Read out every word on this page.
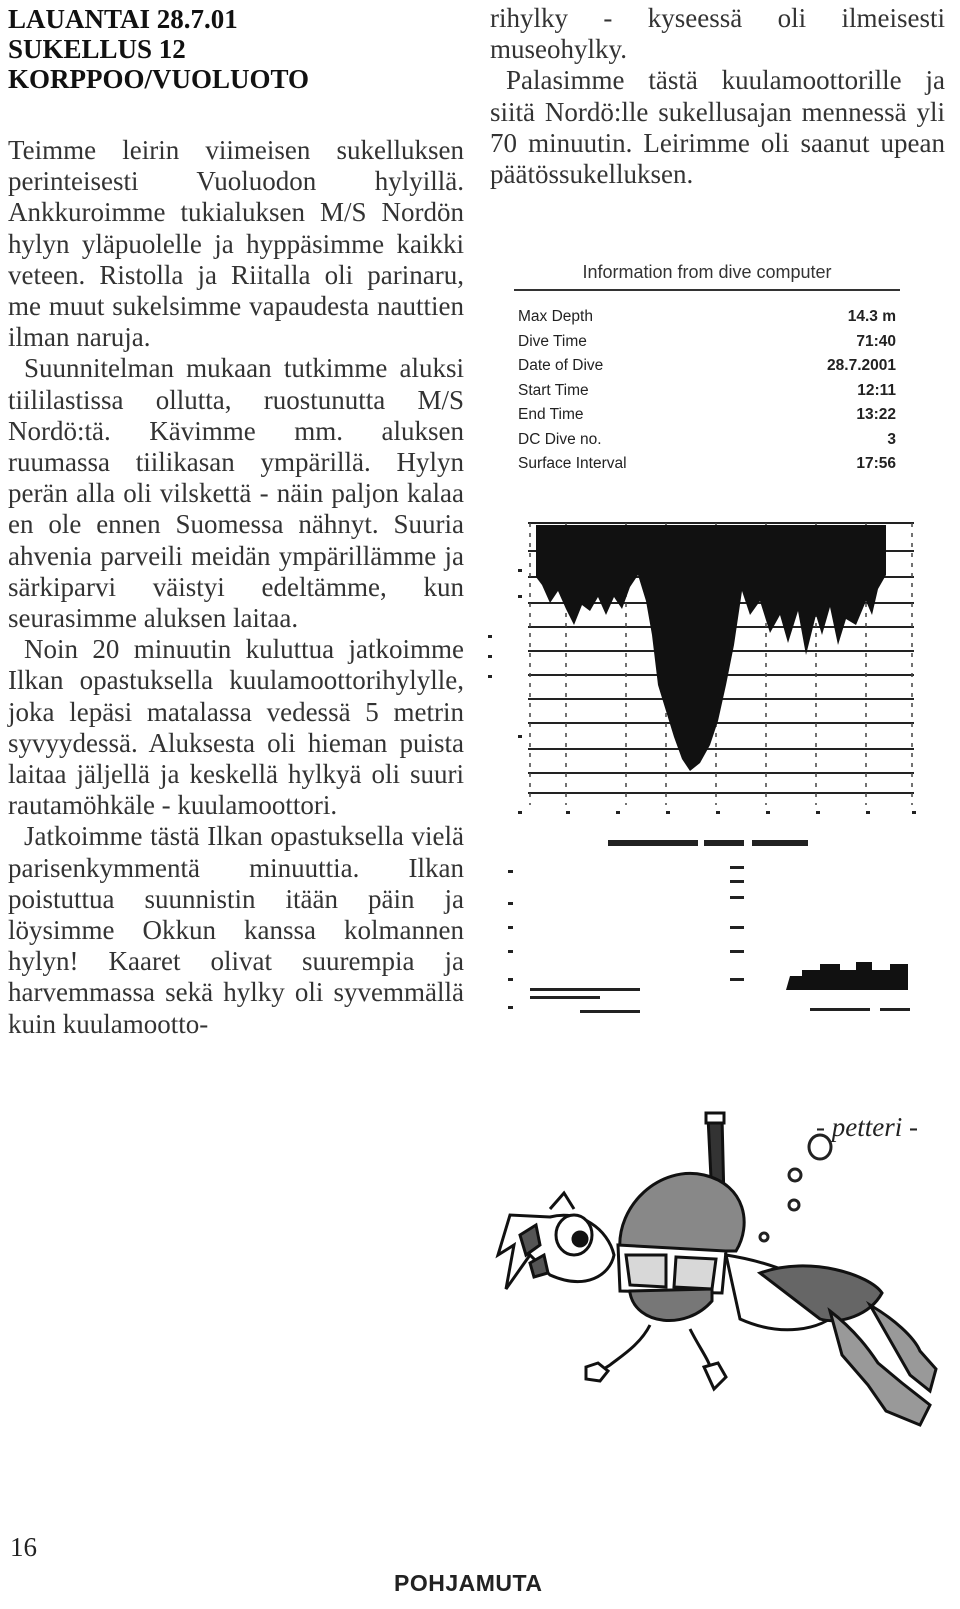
LAUANTAI 28.7.01
SUKELLUS 12
KORPPOO/VUOLUOTO

Teimme leirin viimeisen sukelluksen perinteisesti Vuoluodon hylyillä. Ankkuroimme tukialuksen M/S Nordön hylyn yläpuolelle ja hyppäsimme kaikki veteen. Ristolla ja Riitalla oli parinaru, me muut sukelsimme vapaudesta nauttien ilman naruja.

Suunnitelman mukaan tutkimme aluksi tiililastissa ollutta, ruostunutta M/S Nordö:tä. Kävimme mm. aluksen ruumassa tiilikasan ympärillä. Hylyn perän alla oli vilskettä - näin paljon kalaa en ole ennen Suomessa nähnyt. Suuria ahvenia parveili meidän ympärillämme ja särkiparvi väistyi edeltämme, kun seurasimme aluksen laitaa.

Noin 20 minuutin kuluttua jatkoimme Ilkan opastuksella kuulamoottorihylylle, joka lepäsi matalassa vedessä 5 metrin syvyydessä. Aluksesta oli hieman puista laitaa jäljellä ja keskellä hylkyä oli suuri rautamöhkäle - kuulamoottori.

Jatkoimme tästä Ilkan opastuksella vielä parisenkymmentä minuuttia. Ilkan poistuttua suunnistin itään päin ja löysimme Okkun kanssa kolmannen hylyn! Kaaret olivat suurempia ja harvemmassa sekä hylky oli syvemmällä kuin kuulamootto-

rihylky - kyseessä oli ilmeisesti museohylky.

Palasimme tästä kuulamoottorille ja siitä Nordö:lle sukellusajan mennessä yli 70 minuutin. Leirimme oli saanut upean päätössukelluksen.

Information from dive computer
Max Depth	14.3 m
Dive Time	71:40
Date of Dive	28.7.2001
Start Time	12:11
End Time	13:22
DC Dive no.	3
Surface Interval	17:56
- petteri -
16
POHJAMUTA
